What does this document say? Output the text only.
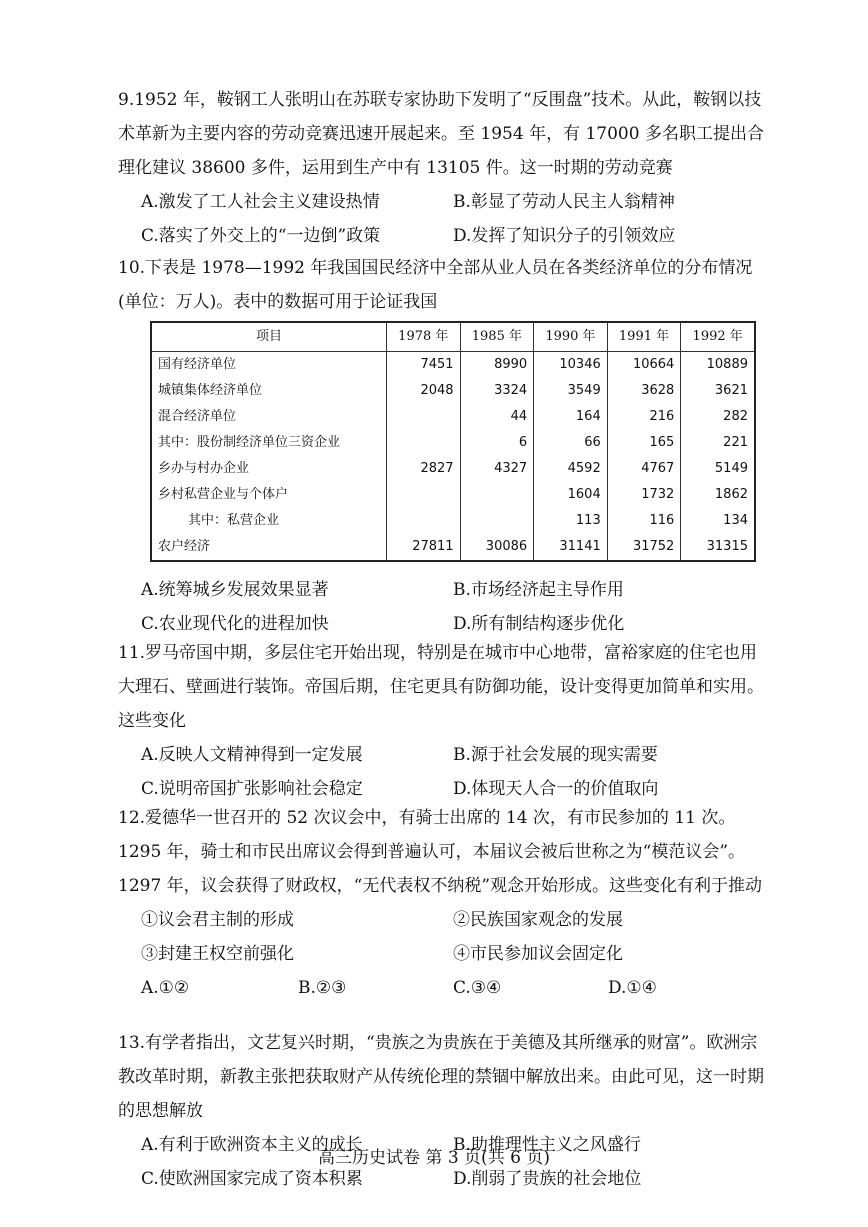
9.1952 年，鞍钢工人张明山在苏联专家协助下发明了“反围盘”技术。从此，鞍钢以技术革新为主要内容的劳动竞赛迅速开展起来。至 1954 年，有 17000 多名职工提出合理化建议 38600 多件，运用到生产中有 13105 件。这一时期的劳动竞赛

A.激发了工人社会主义建设热情	B.彰显了劳动人民主人翁精神
C.落实了外交上的“一边倒”政策	D.发挥了知识分子的引领效应

10.下表是 1978—1992 年我国国民经济中全部从业人员在各类经济单位的分布情况(单位：万人)。表中的数据可用于论证我国

项目	1978 年	1985 年	1990 年	1991 年	1992 年
国有经济单位	7451	8990	10346	10664	10889
城镇集体经济单位	2048	3324	3549	3628	3621
混合经济单位		44	164	216	282
其中：股份制经济单位三资企业		6	66	165	221
乡办与村办企业	2827	4327	4592	4767	5149
乡村私营企业与个体户			1604	1732	1862
其中：私营企业			113	116	134
农户经济	27811	30086	31141	31752	31315
A.统筹城乡发展效果显著	B.市场经济起主导作用
C.农业现代化的进程加快	D.所有制结构逐步优化

11.罗马帝国中期，多层住宅开始出现，特别是在城市中心地带，富裕家庭的住宅也用大理石、壁画进行装饰。帝国后期，住宅更具有防御功能，设计变得更加简单和实用。这些变化

A.反映人文精神得到一定发展	B.源于社会发展的现实需要
C.说明帝国扩张影响社会稳定	D.体现天人合一的价值取向

12.爱德华一世召开的 52 次议会中，有骑士出席的 14 次，有市民参加的 11 次。1295 年，骑士和市民出席议会得到普遍认可，本届议会被后世称之为“模范议会”。1297 年，议会获得了财政权，“无代表权不纳税”观念开始形成。这些变化有利于推动

①议会君主制的形成	②民族国家观念的发展
③封建王权空前强化	④市民参加议会固定化
A.①②	B.②③	C.③④	D.①④

13.有学者指出，文艺复兴时期，“贵族之为贵族在于美德及其所继承的财富”。欧洲宗教改革时期，新教主张把获取财产从传统伦理的禁锢中解放出来。由此可见，这一时期的思想解放

A.有利于欧洲资本主义的成长	B.助推理性主义之风盛行
C.使欧洲国家完成了资本积累	D.削弱了贵族的社会地位
高三历史试卷 第 3 页(共 6 页)
